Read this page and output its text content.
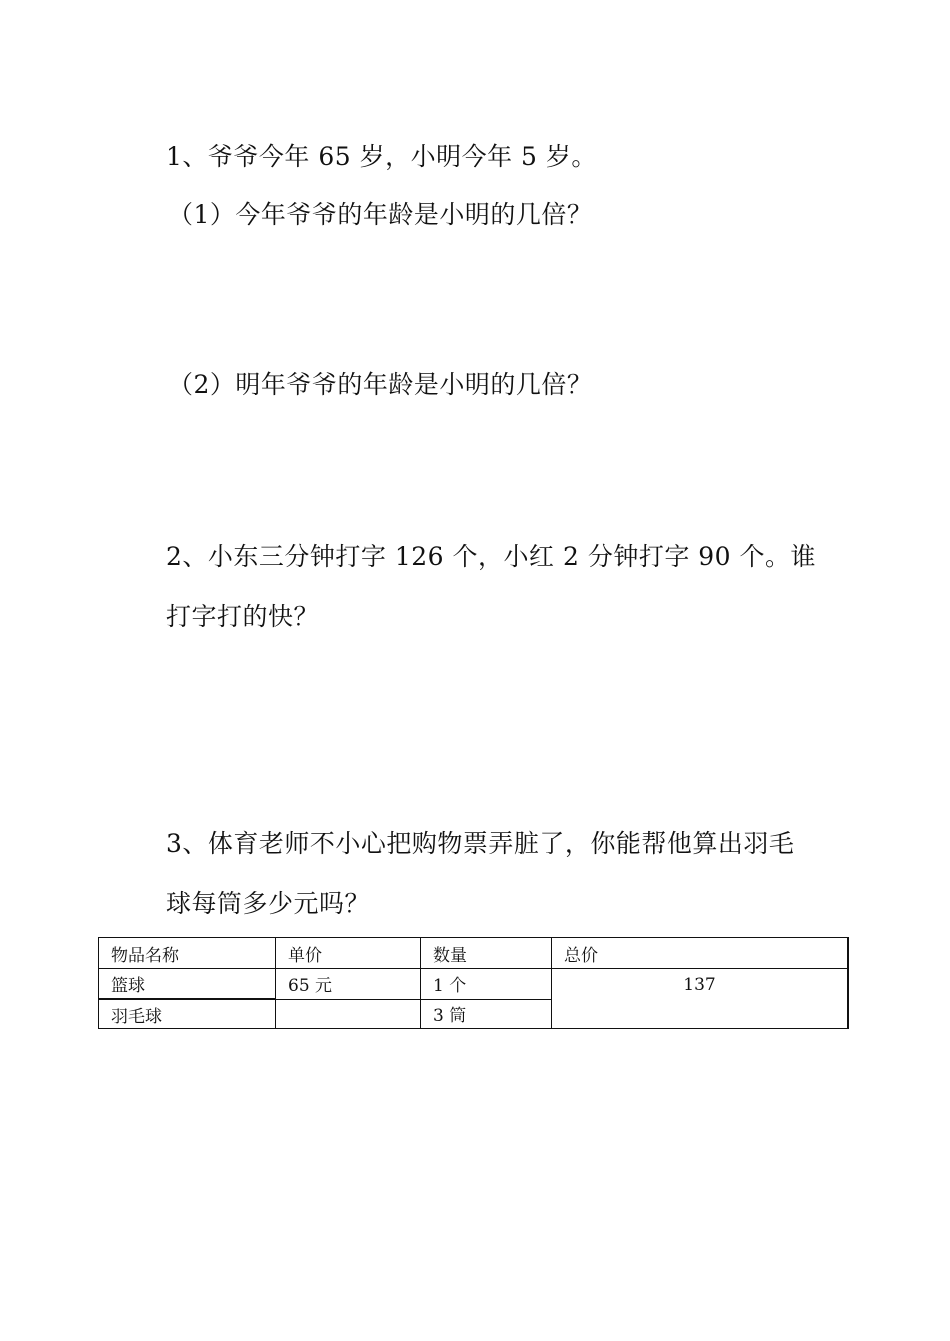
1、爷爷今年 65 岁，小明今年 5 岁。
（1）今年爷爷的年龄是小明的几倍？
（2）明年爷爷的年龄是小明的几倍？
2、小东三分钟打字 126 个，小红 2 分钟打字 90 个。谁
打字打的快？
3、体育老师不小心把购物票弄脏了，你能帮他算出羽毛
球每筒多少元吗？
物品名称	单价	数量	总价
篮球	65 元	1 个	137
羽毛球		3 筒	
